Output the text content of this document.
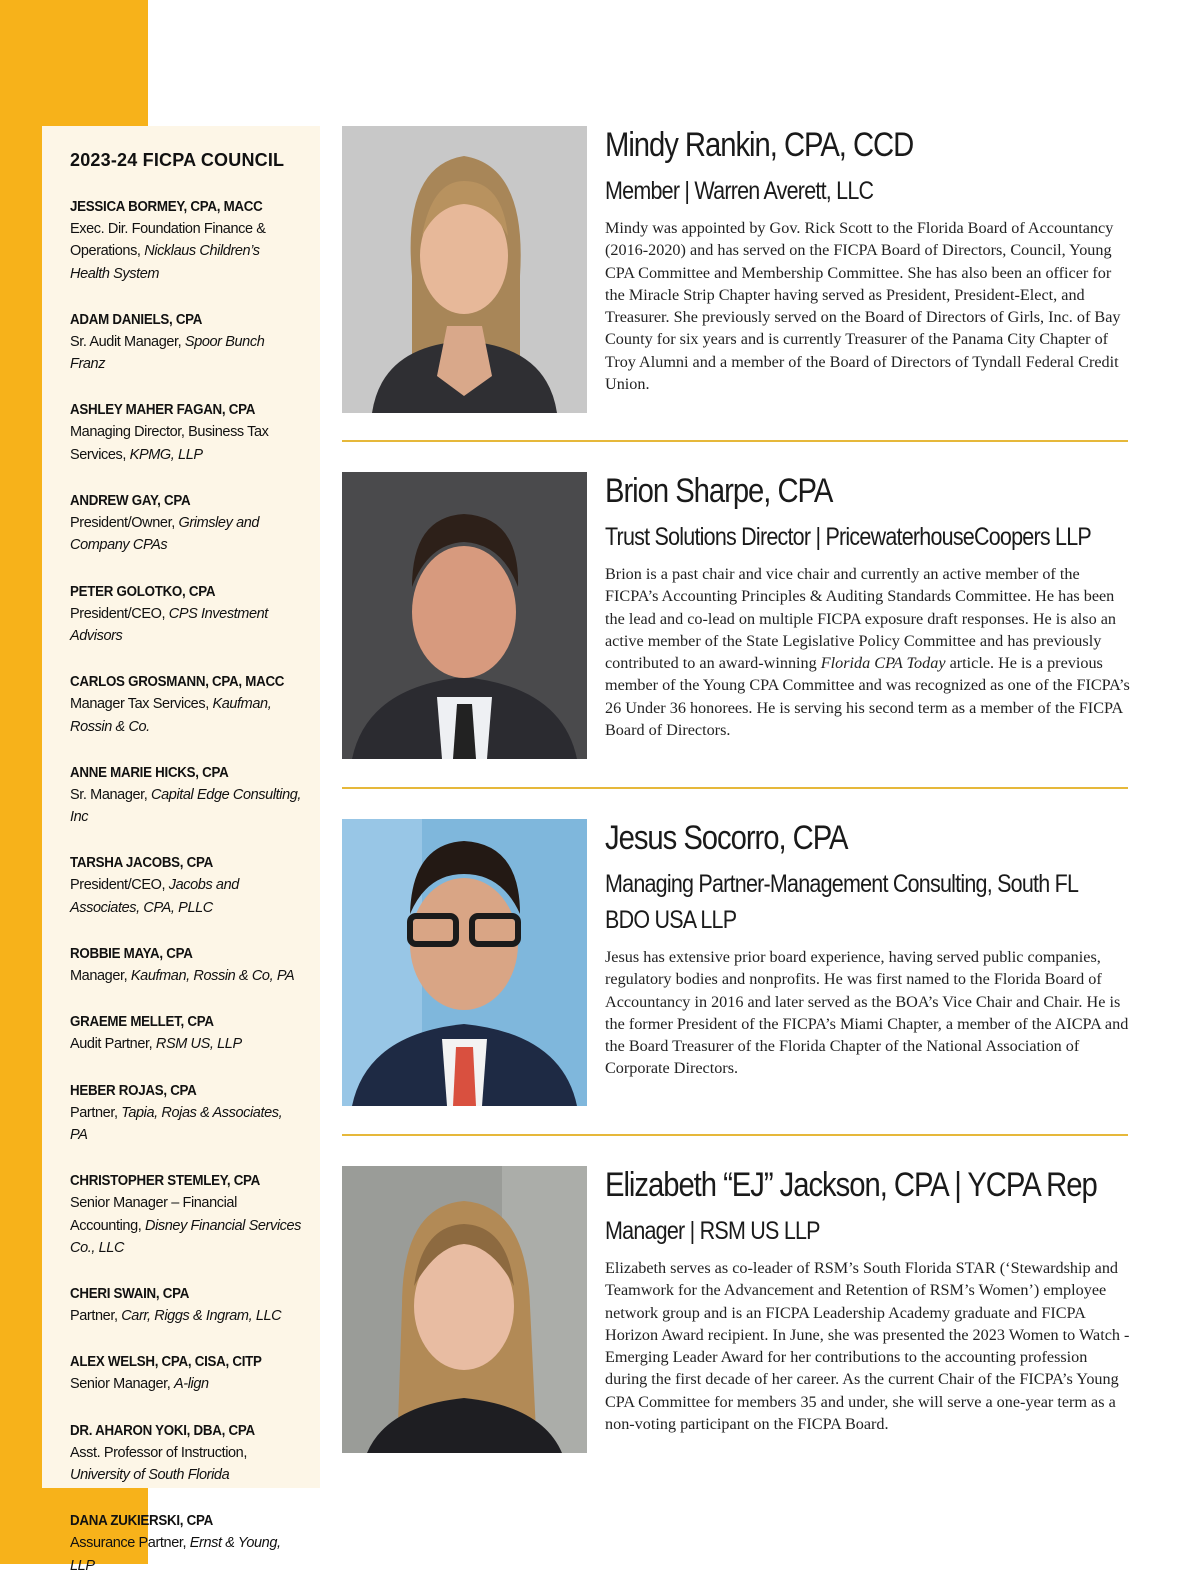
2023-24 FICPA COUNCIL
JESSICA BORMEY, CPA, MACC
Exec. Dir. Foundation Finance & Operations, Nicklaus Children’s Health System
ADAM DANIELS, CPA
Sr. Audit Manager, Spoor Bunch Franz
ASHLEY MAHER FAGAN, CPA
Managing Director, Business Tax Services, KPMG, LLP
ANDREW GAY, CPA
President/Owner, Grimsley and Company CPAs
PETER GOLOTKO, CPA
President/CEO, CPS Investment Advisors
CARLOS GROSMANN, CPA, MACC
Manager Tax Services, Kaufman, Rossin & Co.
ANNE MARIE HICKS, CPA
Sr. Manager, Capital Edge Consulting, Inc
TARSHA JACOBS, CPA
President/CEO, Jacobs and Associates, CPA, PLLC
ROBBIE MAYA, CPA
Manager, Kaufman, Rossin & Co, PA
GRAEME MELLET, CPA
Audit Partner, RSM US, LLP
HEBER ROJAS, CPA
Partner, Tapia, Rojas & Associates, PA
CHRISTOPHER STEMLEY, CPA
Senior Manager – Financial Accounting, Disney Financial Services Co., LLC
CHERI SWAIN, CPA
Partner, Carr, Riggs & Ingram, LLC
ALEX WELSH, CPA, CISA, CITP
Senior Manager, A-lign
DR. AHARON YOKI, DBA, CPA
Asst. Professor of Instruction, University of South Florida
DANA ZUKIERSKI, CPA
Assurance Partner, Ernst & Young, LLP
Mindy Rankin, CPA, CCD
Member | Warren Averett, LLC
Mindy was appointed by Gov. Rick Scott to the Florida Board of Accountancy (2016-2020) and has served on the FICPA Board of Directors, Council, Young CPA Committee and Membership Committee. She has also been an officer for the Miracle Strip Chapter having served as President, President-Elect, and Treasurer. She previously served on the Board of Directors of Girls, Inc. of Bay County for six years and is currently Treasurer of the Panama City Chapter of Troy Alumni and a member of the Board of Directors of Tyndall Federal Credit Union.
Brion Sharpe, CPA
Trust Solutions Director | PricewaterhouseCoopers LLP
Brion is a past chair and vice chair and currently an active member of the FICPA’s Accounting Principles & Auditing Standards Committee. He has been the lead and co-lead on multiple FICPA exposure draft responses. He is also an active member of the State Legislative Policy Committee and has previously contributed to an award-winning Florida CPA Today article. He is a previous member of the Young CPA Committee and was recognized as one of the FICPA’s 26 Under 36 honorees. He is serving his second term as a member of the FICPA Board of Directors.
Jesus Socorro, CPA
Managing Partner-Management Consulting, South FL
BDO USA LLP
Jesus has extensive prior board experience, having served public companies, regulatory bodies and nonprofits. He was first named to the Florida Board of Accountancy in 2016 and later served as the BOA’s Vice Chair and Chair. He is the former President of the FICPA’s Miami Chapter, a member of the AICPA and the Board Treasurer of the Florida Chapter of the National Association of Corporate Directors.
Elizabeth “EJ” Jackson, CPA | YCPA Rep
Manager | RSM US LLP
Elizabeth serves as co-leader of RSM’s South Florida STAR (‘Stewardship and Teamwork for the Advancement and Retention of RSM’s Women’) employee network group and is an FICPA Leadership Academy graduate and FICPA Horizon Award recipient. In June, she was presented the 2023 Women to Watch - Emerging Leader Award for her contributions to the accounting profession during the first decade of her career. As the current Chair of the FICPA’s Young CPA Committee for members 35 and under, she will serve a one-year term as a non-voting participant on the FICPA Board.
